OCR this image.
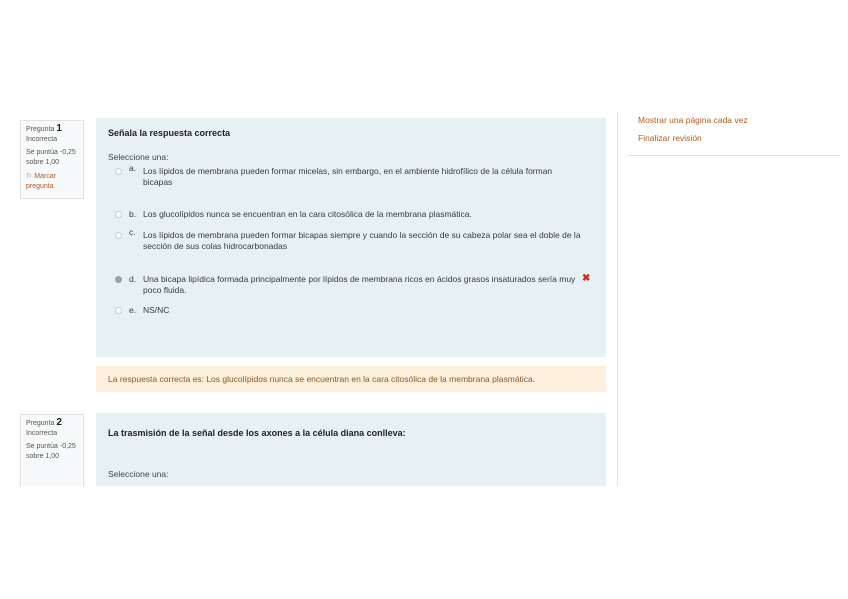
Pregunta 1
Incorrecta
Se puntúa -0,25 sobre 1,00
⚐ Marcar pregunta
Señala la respuesta correcta
Seleccione una:
a. Los lípidos de membrana pueden formar micelas, sin embargo, en el ambiente hidrofílico de la célula forman bicapas
b. Los glucolípidos nunca se encuentran en la cara citosólica de la membrana plasmática.
c. Los lípidos de membrana pueden formar bicapas siempre y cuando la sección de su cabeza polar sea el doble de la sección de sus colas hidrocarbonadas
d. Una bicapa lipídica formada principalmente por lípidos de membrana ricos en ácidos grasos insaturados sería muy poco fluida.
✖
e. NS/NC
La respuesta correcta es: Los glucolípidos nunca se encuentran en la cara citosólica de la membrana plasmática.
Pregunta 2
Incorrecta
Se puntúa -0,25 sobre 1,00
La trasmisión de la señal desde los axones a la célula diana conlleva:
Seleccione una:
Mostrar una página cada vez
Finalizar revisión
